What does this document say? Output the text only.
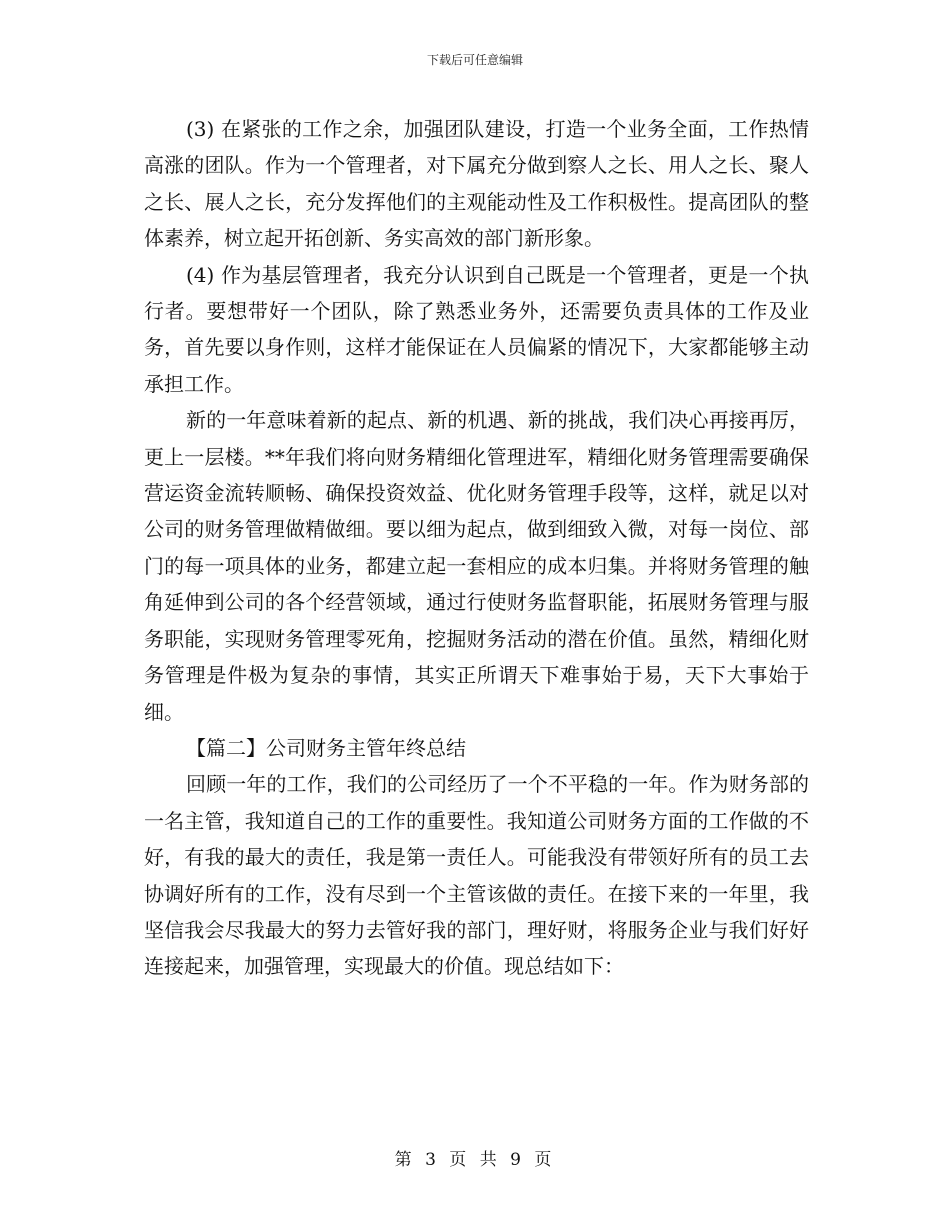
下载后可任意编辑

(3) 在紧张的工作之余，加强团队建设，打造一个业务全面，工作热情高涨的团队。作为一个管理者，对下属充分做到察人之长、用人之长、聚人之长、展人之长，充分发挥他们的主观能动性及工作积极性。提高团队的整体素养，树立起开拓创新、务实高效的部门新形象。

(4) 作为基层管理者，我充分认识到自己既是一个管理者，更是一个执行者。要想带好一个团队，除了熟悉业务外，还需要负责具体的工作及业务，首先要以身作则，这样才能保证在人员偏紧的情况下，大家都能够主动承担工作。

新的一年意味着新的起点、新的机遇、新的挑战，我们决心再接再厉，更上一层楼。**年我们将向财务精细化管理进军，精细化财务管理需要确保营运资金流转顺畅、确保投资效益、优化财务管理手段等，这样，就足以对公司的财务管理做精做细。要以细为起点，做到细致入微，对每一岗位、部门的每一项具体的业务，都建立起一套相应的成本归集。并将财务管理的触角延伸到公司的各个经营领域，通过行使财务监督职能，拓展财务管理与服务职能，实现财务管理零死角，挖掘财务活动的潜在价值。虽然，精细化财务管理是件极为复杂的事情，其实正所谓天下难事始于易，天下大事始于细。

【篇二】公司财务主管年终总结

回顾一年的工作，我们的公司经历了一个不平稳的一年。作为财务部的一名主管，我知道自己的工作的重要性。我知道公司财务方面的工作做的不好，有我的最大的责任，我是第一责任人。可能我没有带领好所有的员工去协调好所有的工作，没有尽到一个主管该做的责任。在接下来的一年里，我坚信我会尽我最大的努力去管好我的部门，理好财，将服务企业与我们好好连接起来，加强管理，实现最大的价值。现总结如下：

第 3 页 共 9 页
